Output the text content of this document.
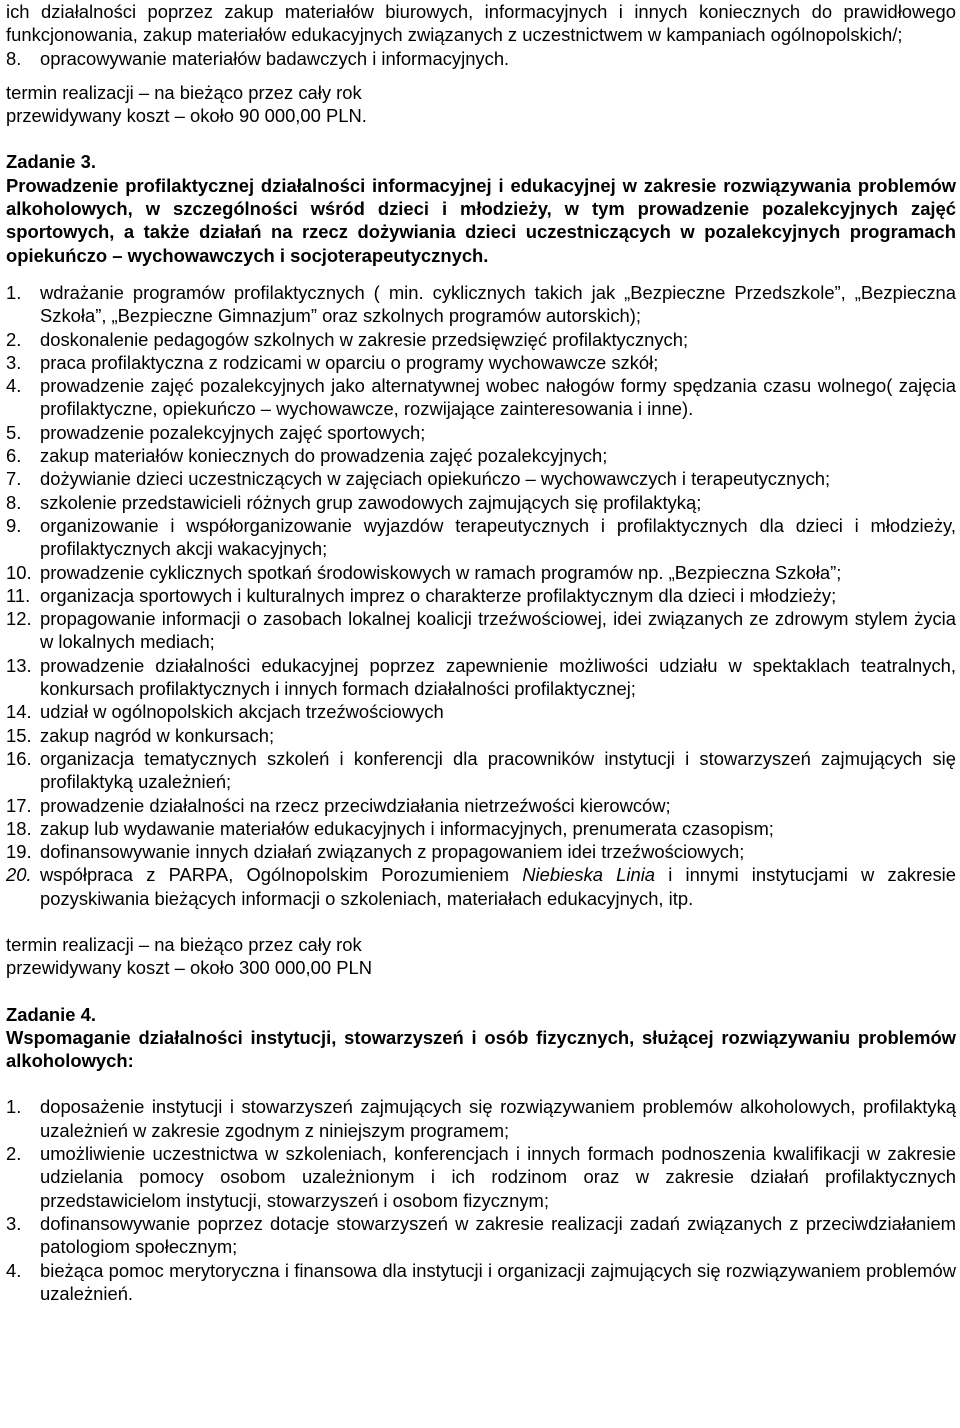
ich działalności poprzez zakup materiałów biurowych, informacyjnych i innych koniecznych do prawidłowego funkcjonowania, zakup materiałów edukacyjnych związanych z uczestnictwem w kampaniach ogólnopolskich/;

8. opracowywanie materiałów badawczych i informacyjnych.

termin realizacji – na bieżąco przez cały rok

przewidywany koszt – około 90 000,00 PLN.

Zadanie 3.

Prowadzenie profilaktycznej działalności informacyjnej i edukacyjnej w zakresie rozwiązywania problemów alkoholowych, w szczególności wśród dzieci i młodzieży, w tym prowadzenie pozalekcyjnych zajęć sportowych, a także działań na rzecz dożywiania dzieci uczestniczących w pozalekcyjnych programach opiekuńczo – wychowawczych i socjoterapeutycznych.

1. wdrażanie programów profilaktycznych ( min. cyklicznych takich jak „Bezpieczne Przedszkole”, „Bezpieczna Szkoła”, „Bezpieczne Gimnazjum” oraz szkolnych programów autorskich);
2. doskonalenie pedagogów szkolnych w zakresie przedsięwzięć profilaktycznych;
3. praca profilaktyczna z rodzicami w oparciu o programy wychowawcze szkół;
4. prowadzenie zajęć pozalekcyjnych jako alternatywnej wobec nałogów formy spędzania czasu wolnego( zajęcia profilaktyczne, opiekuńczo – wychowawcze, rozwijające zainteresowania i inne).
5. prowadzenie pozalekcyjnych zajęć sportowych;
6. zakup materiałów koniecznych do prowadzenia zajęć pozalekcyjnych;
7. dożywianie dzieci uczestniczących w zajęciach opiekuńczo – wychowawczych i terapeutycznych;
8. szkolenie przedstawicieli różnych grup zawodowych zajmujących się profilaktyką;
9. organizowanie i współorganizowanie wyjazdów terapeutycznych i profilaktycznych dla dzieci i młodzieży, profilaktycznych akcji wakacyjnych;
10. prowadzenie cyklicznych spotkań środowiskowych w ramach programów np. „Bezpieczna Szkoła”;
11. organizacja sportowych i kulturalnych imprez o charakterze profilaktycznym dla dzieci i młodzieży;
12. propagowanie informacji o zasobach lokalnej koalicji trzeźwościowej, idei związanych ze zdrowym stylem życia w lokalnych mediach;
13. prowadzenie działalności edukacyjnej poprzez zapewnienie możliwości udziału w spektaklach teatralnych, konkursach profilaktycznych i innych formach działalności profilaktycznej;
14. udział w ogólnopolskich akcjach trzeźwościowych
15. zakup nagród w konkursach;
16. organizacja tematycznych szkoleń i konferencji dla pracowników instytucji i stowarzyszeń zajmujących się profilaktyką uzależnień;
17. prowadzenie działalności na rzecz przeciwdziałania nietrzeźwości kierowców;
18. zakup lub wydawanie materiałów edukacyjnych i informacyjnych, prenumerata czasopism;
19. dofinansowywanie innych działań związanych z propagowaniem idei trzeźwościowych;
20. współpraca z PARPA, Ogólnopolskim Porozumieniem Niebieska Linia i innymi instytucjami w zakresie pozyskiwania bieżących informacji o szkoleniach, materiałach edukacyjnych, itp.

termin realizacji – na bieżąco przez cały rok

przewidywany koszt – około 300 000,00 PLN

Zadanie 4.

Wspomaganie działalności instytucji, stowarzyszeń i osób fizycznych, służącej rozwiązywaniu problemów alkoholowych:

1. doposażenie instytucji i stowarzyszeń zajmujących się rozwiązywaniem problemów alkoholowych, profilaktyką uzależnień w zakresie zgodnym z niniejszym programem;
2. umożliwienie uczestnictwa w szkoleniach, konferencjach i innych formach podnoszenia kwalifikacji w zakresie udzielania pomocy osobom uzależnionym i ich rodzinom oraz w zakresie działań profilaktycznych przedstawicielom instytucji, stowarzyszeń i osobom fizycznym;
3. dofinansowywanie poprzez dotacje stowarzyszeń w zakresie realizacji zadań związanych z przeciwdziałaniem patologiom społecznym;
4. bieżąca pomoc merytoryczna i finansowa dla instytucji i organizacji zajmujących się rozwiązywaniem problemów uzależnień.
